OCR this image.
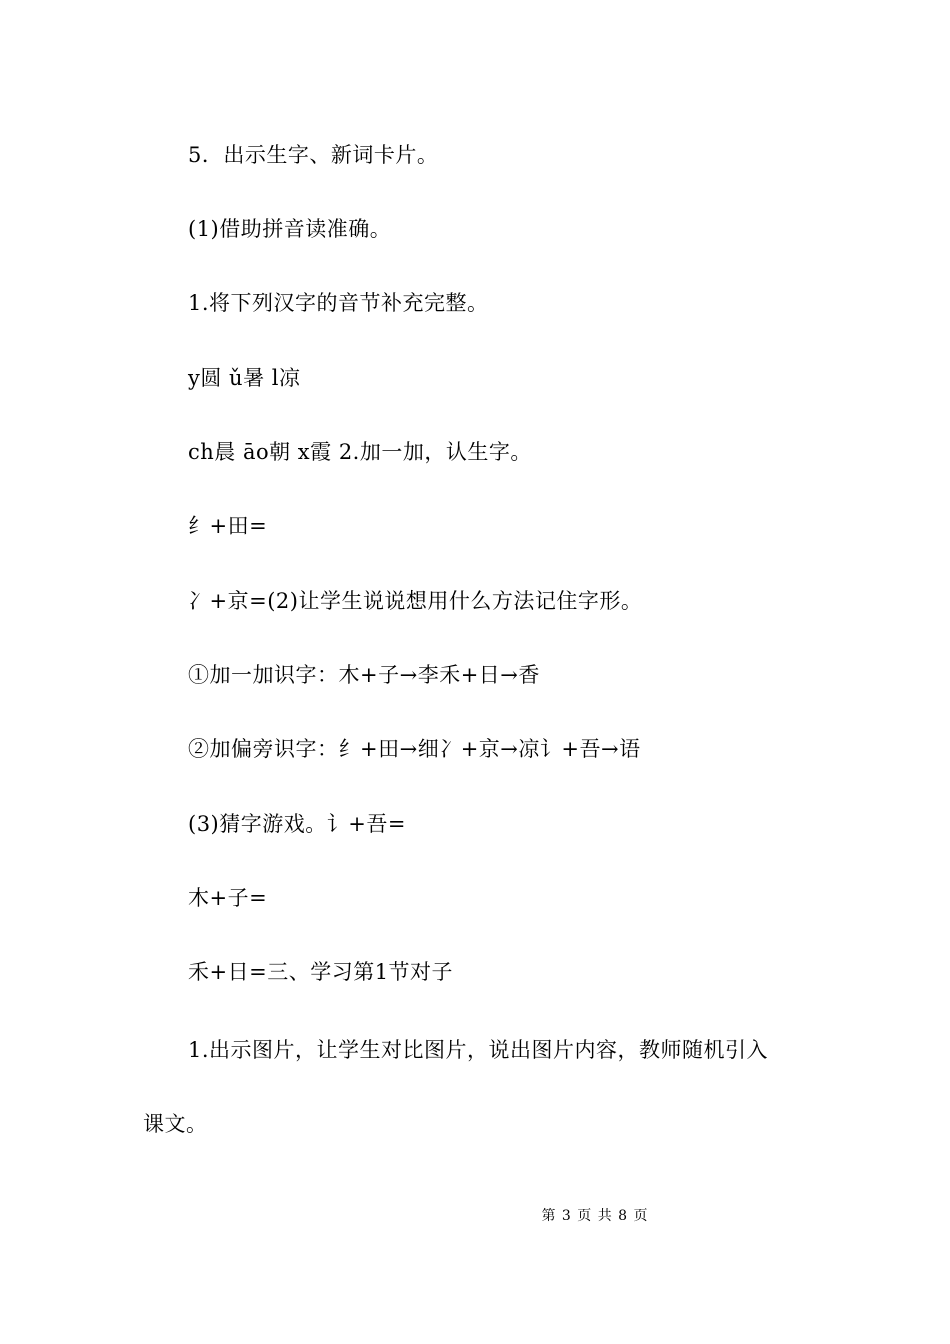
5．出示生字、新词卡片。
(1)借助拼音读准确。
1.将下列汉字的音节补充完整。
y圆 ǔ暑 l凉
ch晨 āo朝 x霞 2.加一加，认生字。
纟+田=
冫+京=(2)让学生说说想用什么方法记住字形。
①加一加识字：木+子→李禾+日→香
②加偏旁识字：纟+田→细冫+京→凉讠+吾→语
(3)猜字游戏。讠+吾=
木+子=
禾+日=三、学习第1节对子
1.出示图片，让学生对比图片，说出图片内容，教师随机引入
课文。
第 3 页 共 8 页
